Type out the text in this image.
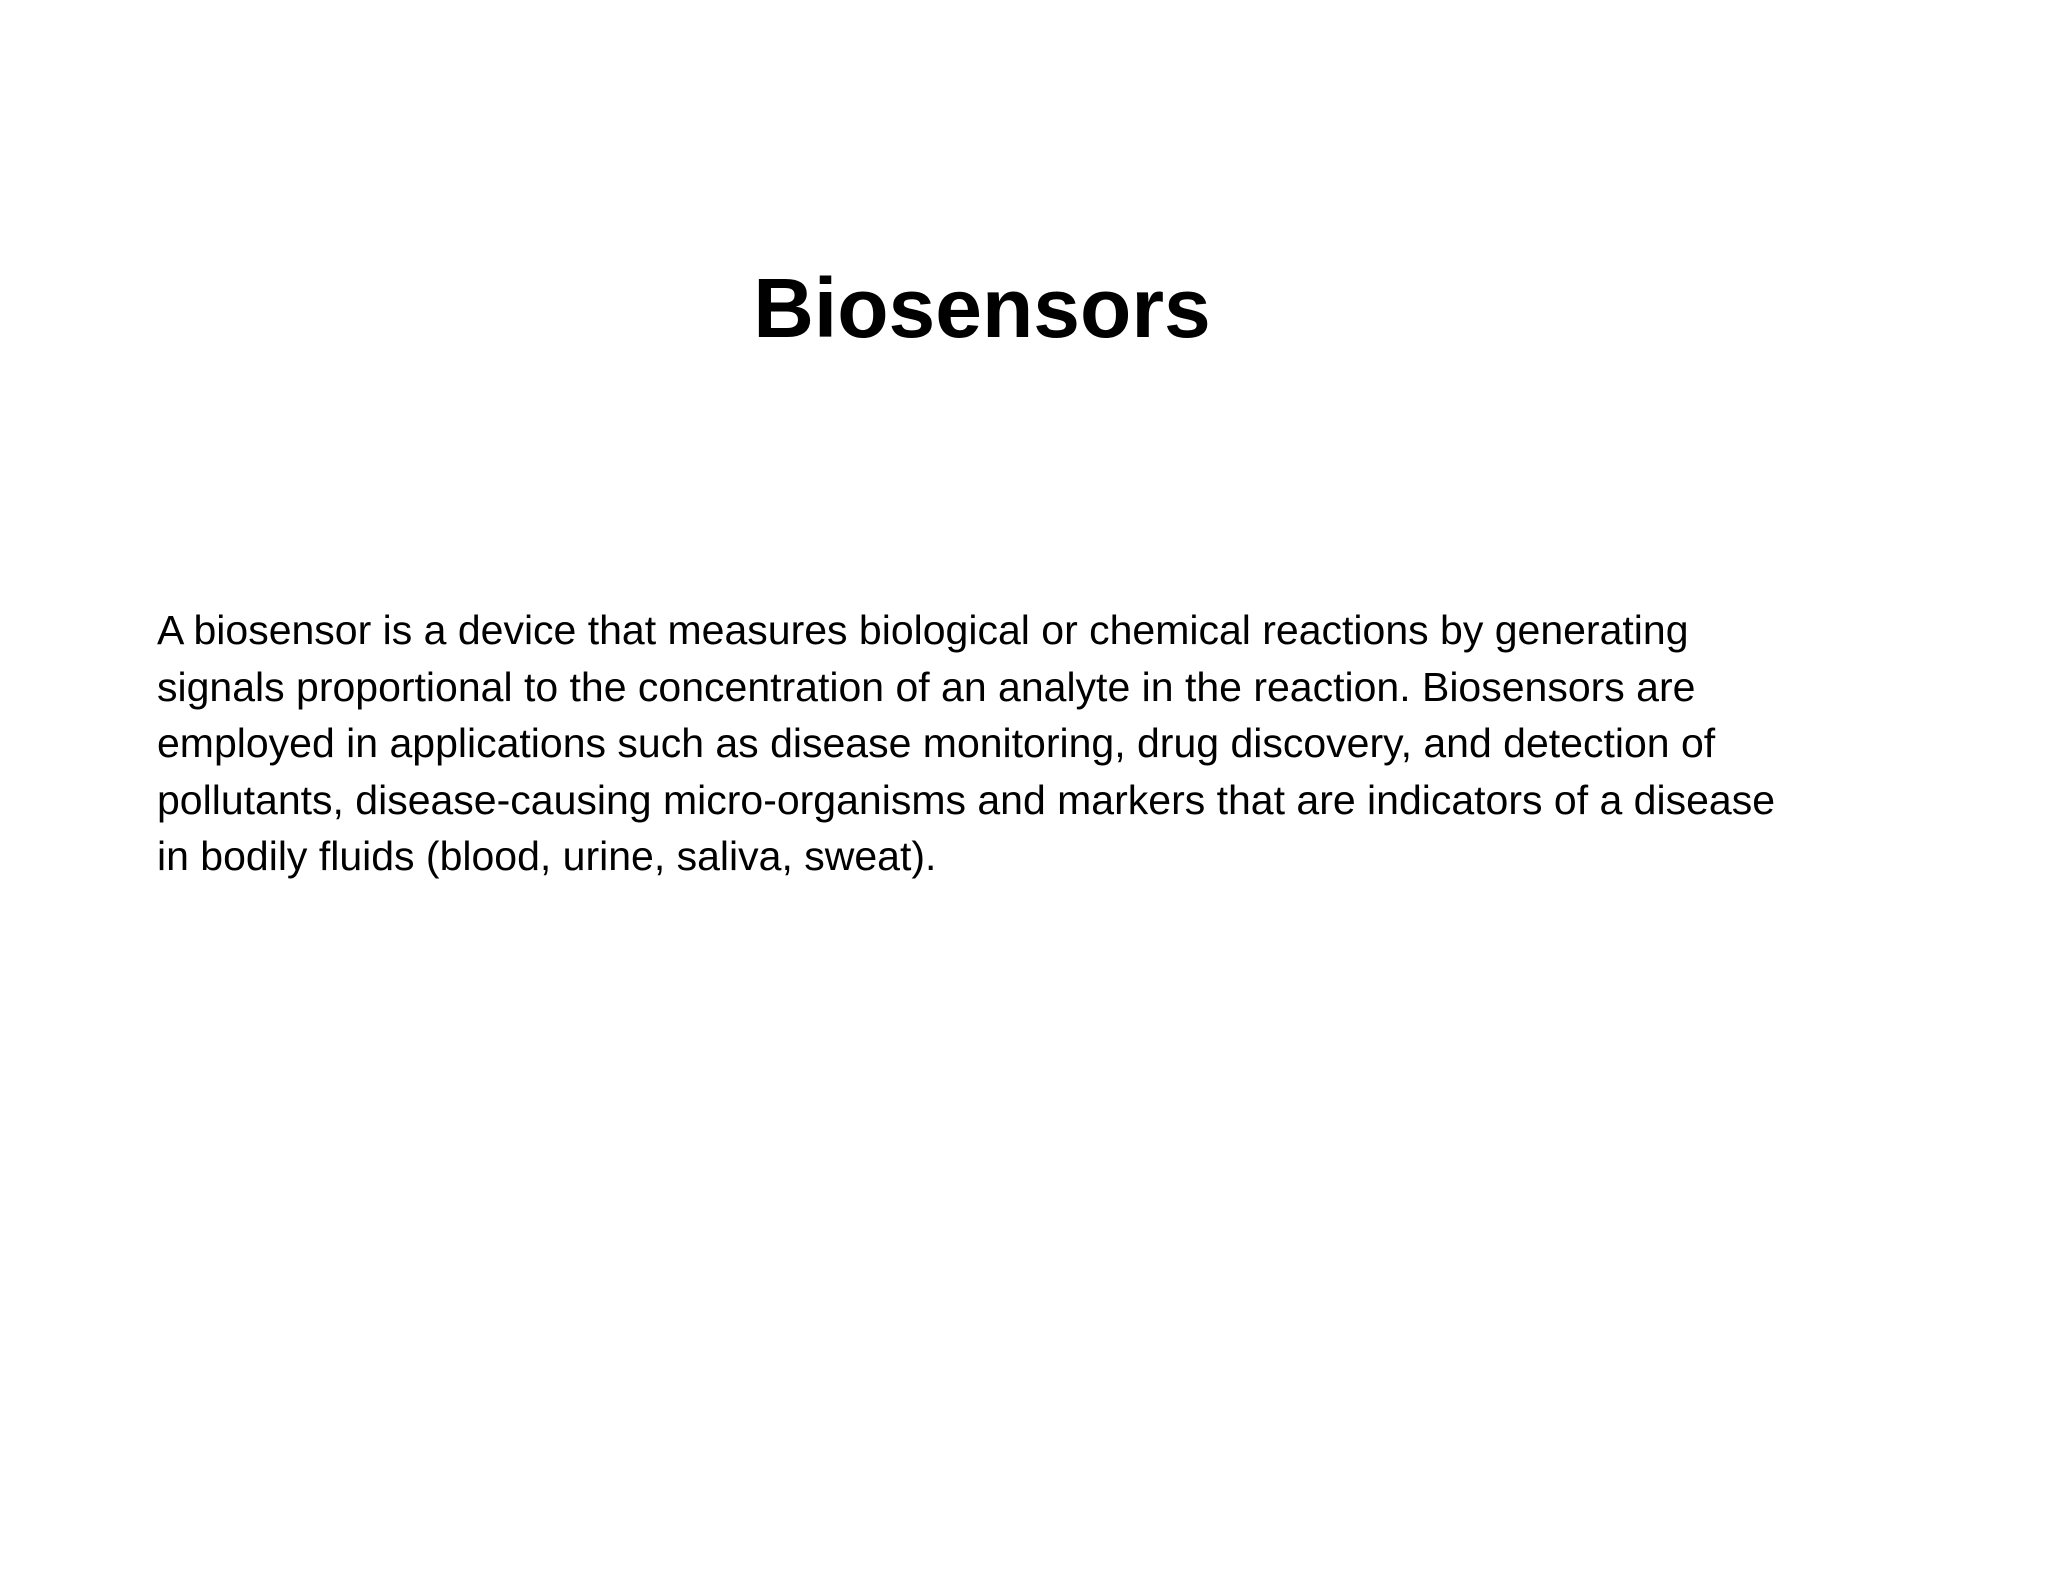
Biosensors

A biosensor is a device that measures biological or chemical reactions by generating
signals proportional to the concentration of an analyte in the reaction. Biosensors are
employed in applications such as disease monitoring, drug discovery, and detection of
pollutants, disease-causing micro-organisms and markers that are indicators of a disease
in bodily fluids (blood, urine, saliva, sweat).
